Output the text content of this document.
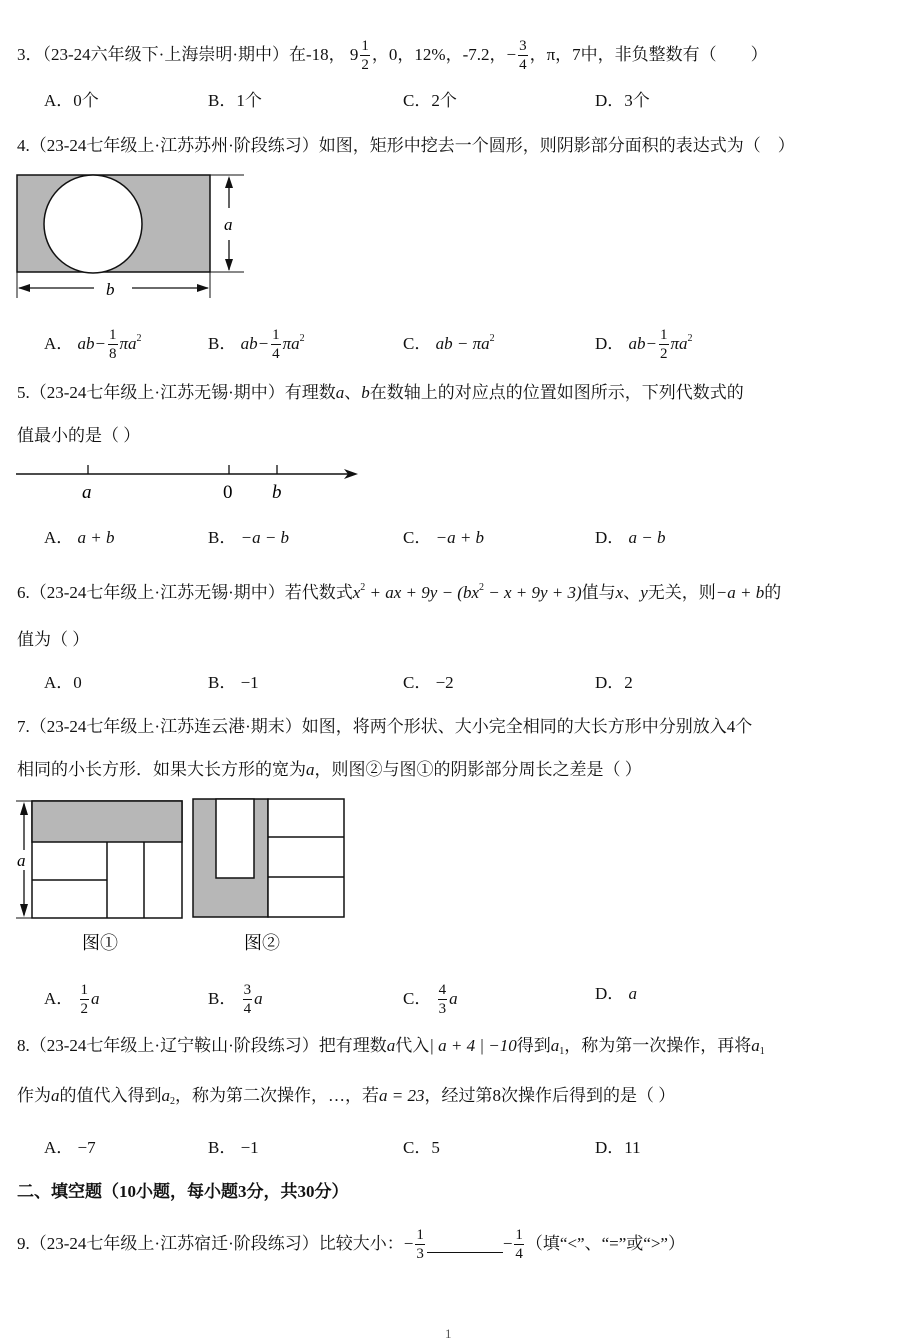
3．（23-24六年级下·上海崇明·期中）在-18， $9 \frac{1}{2}$ ，0，12%，-7.2，− $\frac{3}{4}$ ，π，7中，非负整数有（　　）
A．0个	B．1个	C．2个	D．3个
4.（23-24七年级上·江苏苏州·阶段练习）如图，矩形中挖去一个圆形，则阴影部分面积的表达式为（　）
a
b
A． $ab- \frac{1}{8} \pi a^2$	B． $ab- \frac{1}{4} \pi a^2$	C． ab − $\pi a^2$	D． $ab- \frac{1}{2} \pi a^2$
5.（23-24七年级上·江苏无锡·期中）有理数a、b在数轴上的对应点的位置如图所示，下列代数式的
值最小的是（ ）
a	0 b
A． a + b	B． −a − b	C． −a + b	D． a − b
6.（23-24七年级上·江苏无锡·期中）若代数式$x^2$ + ax + $9y - (bx^2 - x + 9y + 3)$值与x、y无关，则−a + b的
值为（ ）
A．0	B． −1	C． −2	D．2
7.（23-24七年级上·江苏连云港·期末）如图，将两个形状、大小完全相同的大长方形中分别放入4个
相同的小长方形．如果大长方形的宽为a，则图②与图①的阴影部分周长之差是（ ）
a
图①	图②
A． $\frac{1}{2}$ a	B． $\frac{3}{4}$ a	C． $\frac{4}{3}$ a	D． a
8.（23-24七年级上·辽宁鞍山·阶段练习）把有理数a代入| a + 4 | −10得到$a_1$，称为第一次操作，再将$a_1$
作为a的值代入得到$a_2$，称为第二次操作，…，若a = 23，经过第8次操作后得到的是（ ）
A． −7	B． −1	C．5	D．11
二、填空题（10小题，每小题3分，共30分）
9.（23-24七年级上·江苏宿迁·阶段练习）比较大小：− $\frac{1}{3}$	− $\frac{1}{4}$ （填“<”、“=”或“>”）
1
